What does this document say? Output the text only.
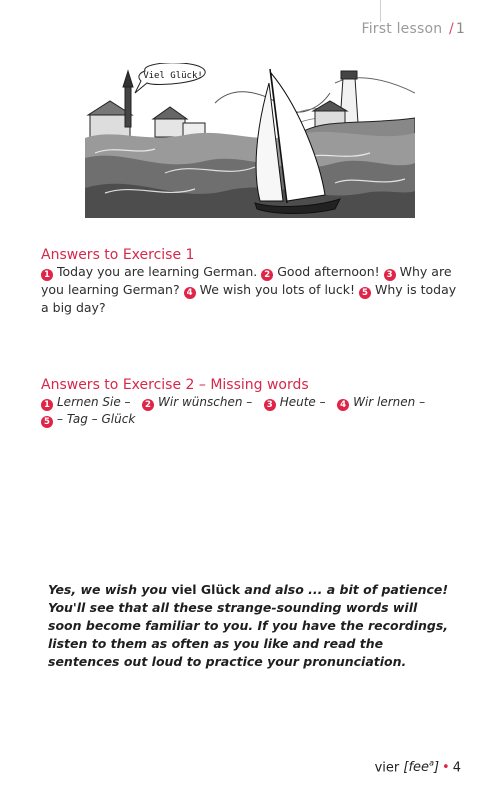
First lesson / 1
Viel Glück!
Answers to Exercise 1
1 Today you are learning German. 2 Good afternoon! 3 Why are you learning German? 4 We wish you lots of luck! 5 Why is today a big day?
Answers to Exercise 2 – Missing words
1 Lernen Sie – 2 Wir wünschen – 3 Heute – 4 Wir lernen –
5 – Tag – Glück
Yes, we wish you viel Glück and also ... a bit of patience! You'll see that all these strange-sounding words will soon become familiar to you. If you have the recordings, listen to them as often as you like and read the sentences out loud to practice your pronunciation.
vier [fee$^a$] • 4
